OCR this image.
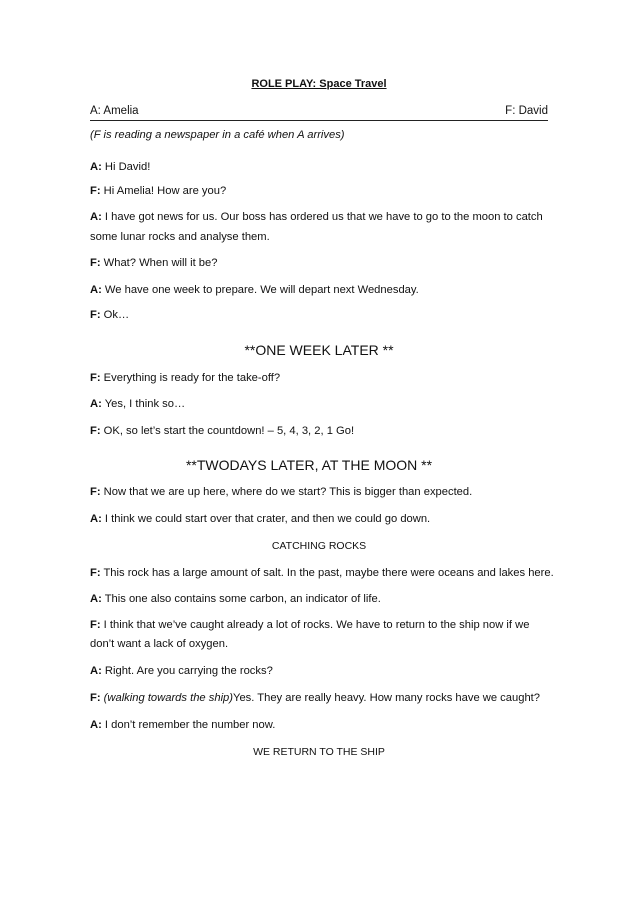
ROLE PLAY: Space Travel
A: Amelia	F: David
(F is reading a newspaper in a café when A arrives)
A: Hi David!
F: Hi Amelia! How are you?
A: I have got news for us. Our boss has ordered us that we have to go to the moon to catch
some lunar rocks and analyse them.
F: What? When will it be?
A: We have one week to prepare. We will depart next Wednesday.
F: Ok…
**ONE WEEK LATER **
F: Everything is ready for the take-off?
A: Yes, I think so…
F: OK, so let’s start the countdown! – 5, 4, 3, 2, 1 Go!
**TWODAYS LATER, AT THE MOON **
F: Now that we are up here, where do we start? This is bigger than expected.
A: I think we could start over that crater, and then we could go down.
CATCHING ROCKS
F: This rock has a large amount of salt. In the past, maybe there were oceans and lakes here.
A: This one also contains some carbon, an indicator of life.
F: I think that we’ve caught already a lot of rocks. We have to return to the ship now if we
don’t want a lack of oxygen.
A: Right. Are you carrying the rocks?
F: (walking towards the ship)Yes. They are really heavy. How many rocks have we caught?
A: I don’t remember the number now.
WE RETURN TO THE SHIP
